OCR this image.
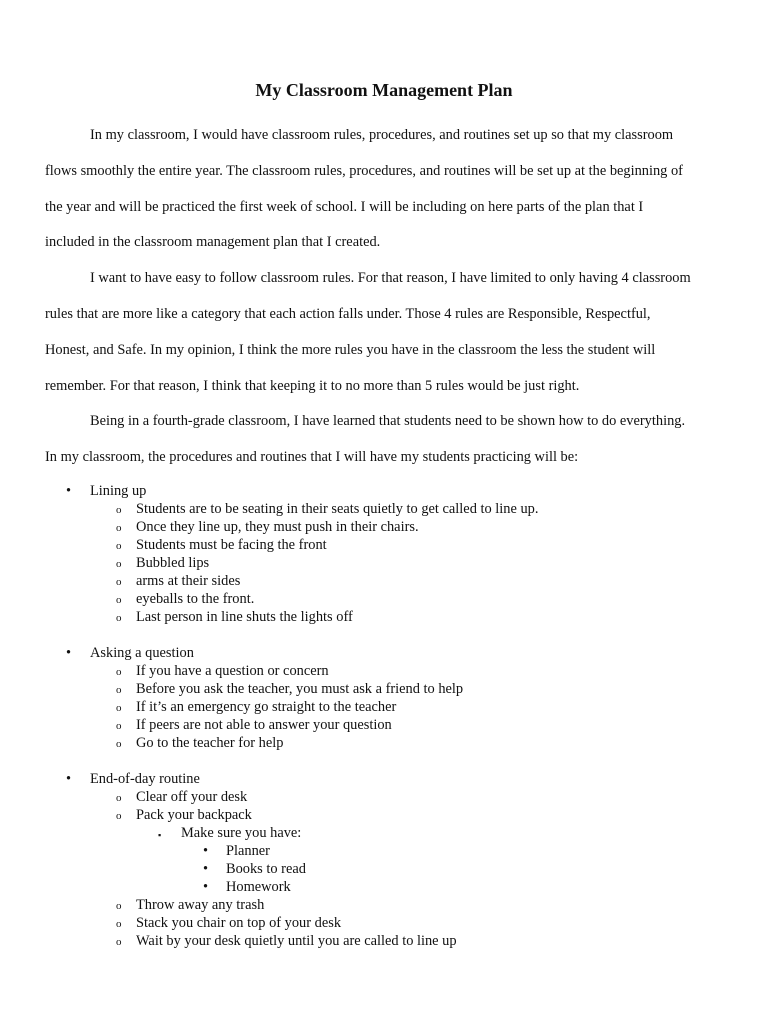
My Classroom Management Plan
In my classroom, I would have classroom rules, procedures, and routines set up so that my classroom
flows smoothly the entire year. The classroom rules, procedures, and routines will be set up at the beginning of
the year and will be practiced the first week of school. I will be including on here parts of the plan that I
included in the classroom management plan that I created.
I want to have easy to follow classroom rules. For that reason, I have limited to only having 4 classroom
rules that are more like a category that each action falls under. Those 4 rules are Responsible, Respectful,
Honest, and Safe. In my opinion, I think the more rules you have in the classroom the less the student will
remember. For that reason, I think that keeping it to no more than 5 rules would be just right.
Being in a fourth-grade classroom, I have learned that students need to be shown how to do everything.
In my classroom, the procedures and routines that I will have my students practicing will be:
• Lining up
o Students are to be seating in their seats quietly to get called to line up.
o Once they line up, they must push in their chairs.
o Students must be facing the front
o Bubbled lips
o arms at their sides
o eyeballs to the front.
o Last person in line shuts the lights off
• Asking a question
o If you have a question or concern
o Before you ask the teacher, you must ask a friend to help
o If it’s an emergency go straight to the teacher
o If peers are not able to answer your question
o Go to the teacher for help
• End-of-day routine
o Clear off your desk
o Pack your backpack
▪ Make sure you have:
• Planner
• Books to read
• Homework
o Throw away any trash
o Stack you chair on top of your desk
o Wait by your desk quietly until you are called to line up
